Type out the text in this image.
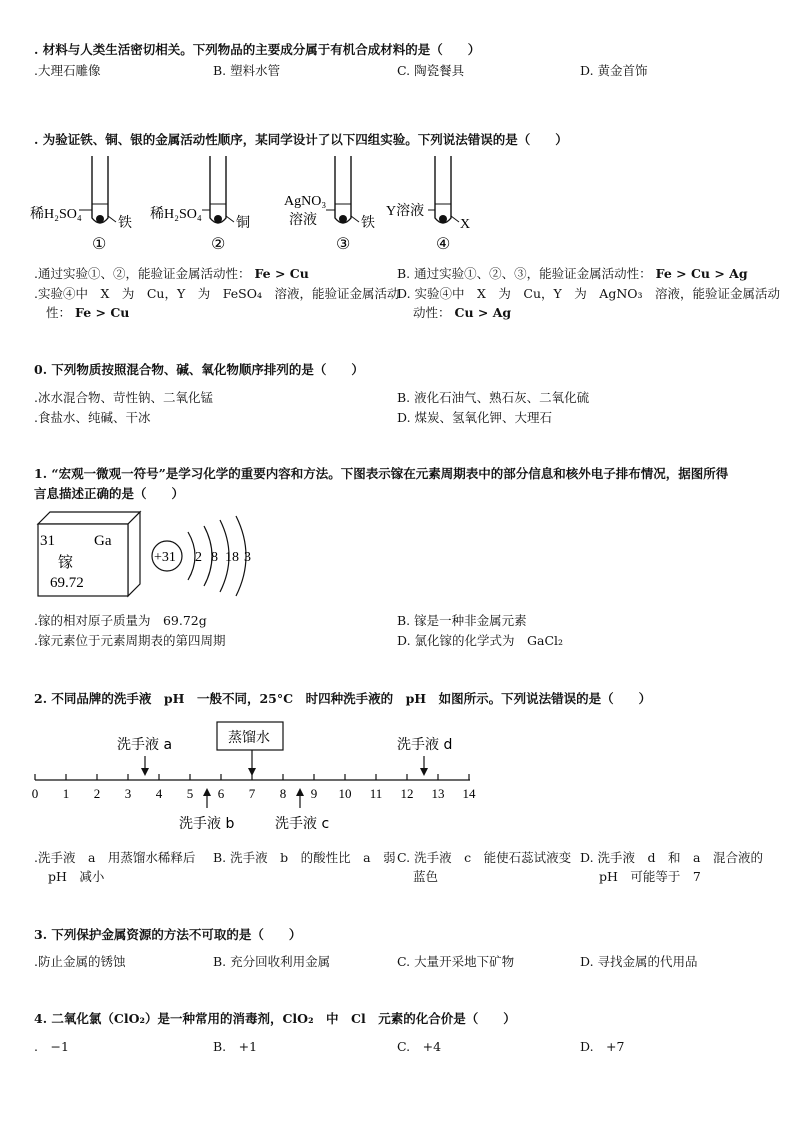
. 材料与人类生活密切相关。下列物品的主要成分属于有机合成材料的是（　　）
.大理石雕像	B. 塑料水管	C. 陶瓷餐具	D. 黄金首饰
. 为验证铁、铜、银的金属活动性顺序，某同学设计了以下四组实验。下列说法错误的是（　　）
稀H₂SO₄
铁
①
稀H₂SO₄
铜
②
AgNO₃
溶液	铁
③
Y溶液
X
④
.通过实验①、②，能验证金属活动性： Fe > Cu	B. 通过实验①、②、③，能验证金属活动性： Fe > Cu > Ag
.实验④中　X　为　Cu，Y　为　FeSO₄　溶液，能验证金属活动
性： Fe > Cu
D. 实验④中　X　为　Cu，Y　为　AgNO₃　溶液，能验证金属活动
动性： Cu > Ag
0. 下列物质按照混合物、碱、氧化物顺序排列的是（　　）
.冰水混合物、苛性钠、二氧化锰	B. 液化石油气、熟石灰、二氧化硫
.食盐水、纯碱、干冰	D. 煤炭、氢氧化钾、大理石
1. “宏观一微观一符号”是学习化学的重要内容和方法。下图表示镓在元素周期表中的部分信息和核外电子排布情况，据图所得
言息描述正确的是（　　）
31	Ga
镓
69.72
+31 2 8 18 3
.镓的相对原子质量为　69.72g	B. 镓是一种非金属元素
.镓元素位于元素周期表的第四周期	D. 氯化镓的化学式为　GaCl₂
2. 不同品牌的洗手液　pH　一般不同，25°C　时四种洗手液的　pH　如图所示。下列说法错误的是（　　）
0 1 2 3 4 5 6 7 8 9 10 11 12 13 14
蒸馏水
洗手液 a	洗手液 d
洗手液 b	洗手液 c
.洗手液　a　用蒸馏水稀释后
pH　减小
B. 洗手液　b　的酸性比　a　弱 C. 洗手液　c　能使石蕊试液变
蓝色
D. 洗手液　d　和　a　混合液的
pH　可能等于　7
3. 下列保护金属资源的方法不可取的是（　　）
.防止金属的锈蚀	B. 充分回收利用金属	C. 大量开采地下矿物	D. 寻找金属的代用品
4. 二氧化氯（ClO₂）是一种常用的消毒剂，ClO₂　中　Cl　元素的化合价是（　　）
.　−1	B.　+1	C.　+4	D.　+7
